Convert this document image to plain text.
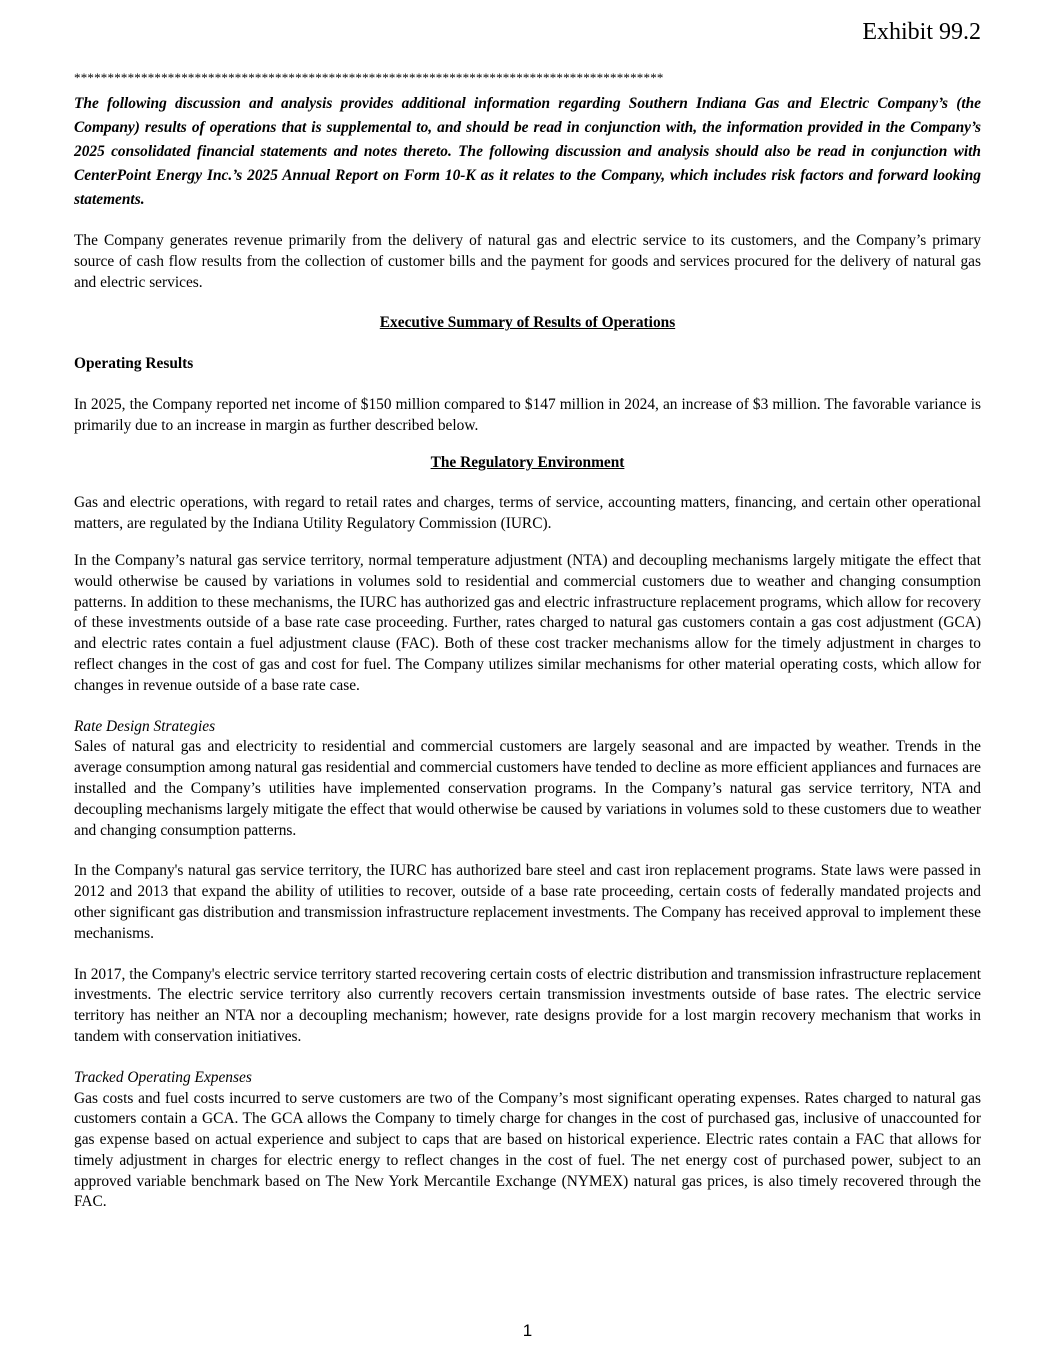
Exhibit 99.2
****************************************************************************************

The following discussion and analysis provides additional information regarding Southern Indiana Gas and Electric Company’s (the Company) results of operations that is supplemental to, and should be read in conjunction with, the information provided in the Company’s 2025 consolidated financial statements and notes thereto. The following discussion and analysis should also be read in conjunction with CenterPoint Energy Inc.’s 2025 Annual Report on Form 10-K as it relates to the Company, which includes risk factors and forward looking statements.

The Company generates revenue primarily from the delivery of natural gas and electric service to its customers, and the Company’s primary source of cash flow results from the collection of customer bills and the payment for goods and services procured for the delivery of natural gas and electric services.

Executive Summary of Results of Operations

Operating Results

In 2025, the Company reported net income of $150 million compared to $147 million in 2024, an increase of $3 million. The favorable variance is primarily due to an increase in margin as further described below.

The Regulatory Environment

Gas and electric operations, with regard to retail rates and charges, terms of service, accounting matters, financing, and certain other operational matters, are regulated by the Indiana Utility Regulatory Commission (IURC).

In the Company’s natural gas service territory, normal temperature adjustment (NTA) and decoupling mechanisms largely mitigate the effect that would otherwise be caused by variations in volumes sold to residential and commercial customers due to weather and changing consumption patterns. In addition to these mechanisms, the IURC has authorized gas and electric infrastructure replacement programs, which allow for recovery of these investments outside of a base rate case proceeding. Further, rates charged to natural gas customers contain a gas cost adjustment (GCA) and electric rates contain a fuel adjustment clause (FAC). Both of these cost tracker mechanisms allow for the timely adjustment in charges to reflect changes in the cost of gas and cost for fuel. The Company utilizes similar mechanisms for other material operating costs, which allow for changes in revenue outside of a base rate case.

Rate Design Strategies

Sales of natural gas and electricity to residential and commercial customers are largely seasonal and are impacted by weather. Trends in the average consumption among natural gas residential and commercial customers have tended to decline as more efficient appliances and furnaces are installed and the Company’s utilities have implemented conservation programs. In the Company’s natural gas service territory, NTA and decoupling mechanisms largely mitigate the effect that would otherwise be caused by variations in volumes sold to these customers due to weather and changing consumption patterns.

In the Company's natural gas service territory, the IURC has authorized bare steel and cast iron replacement programs. State laws were passed in 2012 and 2013 that expand the ability of utilities to recover, outside of a base rate proceeding, certain costs of federally mandated projects and other significant gas distribution and transmission infrastructure replacement investments. The Company has received approval to implement these mechanisms.

In 2017, the Company's electric service territory started recovering certain costs of electric distribution and transmission infrastructure replacement investments. The electric service territory also currently recovers certain transmission investments outside of base rates. The electric service territory has neither an NTA nor a decoupling mechanism; however, rate designs provide for a lost margin recovery mechanism that works in tandem with conservation initiatives.

Tracked Operating Expenses

Gas costs and fuel costs incurred to serve customers are two of the Company’s most significant operating expenses. Rates charged to natural gas customers contain a GCA. The GCA allows the Company to timely charge for changes in the cost of purchased gas, inclusive of unaccounted for gas expense based on actual experience and subject to caps that are based on historical experience. Electric rates contain a FAC that allows for timely adjustment in charges for electric energy to reflect changes in the cost of fuel. The net energy cost of purchased power, subject to an approved variable benchmark based on The New York Mercantile Exchange (NYMEX) natural gas prices, is also timely recovered through the FAC.

1
